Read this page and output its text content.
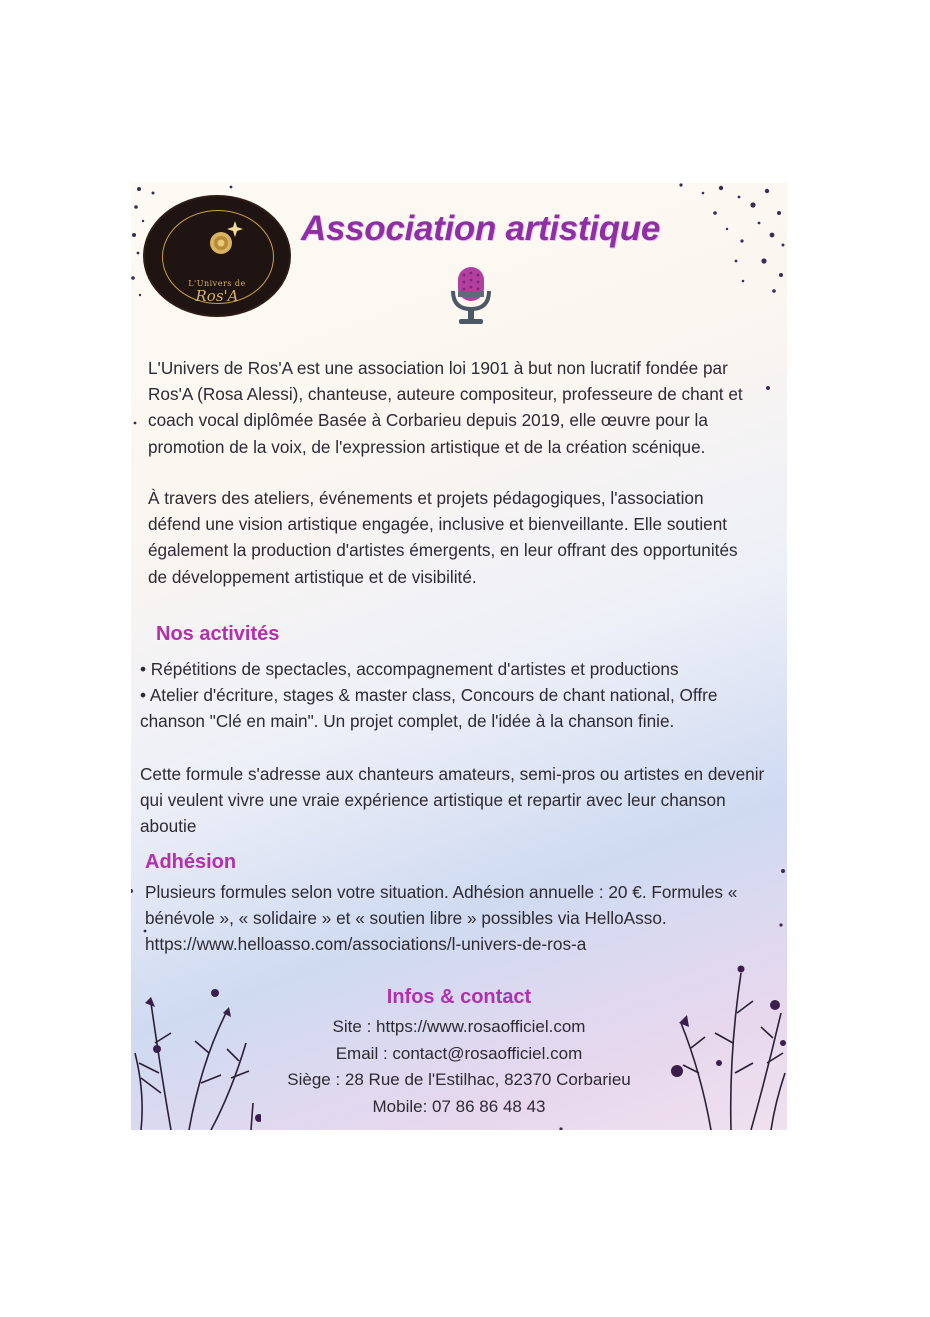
L'Univers de
Ros'A
Association artistique
L'Univers de Ros'A est une association loi 1901 à but non lucratif fondée par Ros'A (Rosa Alessi), chanteuse, auteure compositeur, professeure de chant et coach vocal diplômée Basée à Corbarieu depuis 2019, elle œuvre pour la promotion de la voix, de l'expression artistique et de la création scénique.
À travers des ateliers, événements et projets pédagogiques, l'association défend une vision artistique engagée, inclusive et bienveillante. Elle soutient également la production d'artistes émergents, en leur offrant des opportunités de développement artistique et de visibilité.
Nos activités
• Répétitions de spectacles, accompagnement d'artistes et productions
• Atelier d'écriture, stages & master class, Concours de chant national, Offre chanson "Clé en main". Un projet complet, de l'idée à la chanson finie.
Cette formule s'adresse aux chanteurs amateurs, semi-pros ou artistes en devenir qui veulent vivre une vraie expérience artistique et repartir avec leur chanson aboutie
Adhésion
Plusieurs formules selon votre situation. Adhésion annuelle : 20 €. Formules « bénévole », « solidaire » et « soutien libre » possibles via HelloAsso. https://www.helloasso.com/associations/l-univers-de-ros-a
Infos & contact
Site : https://www.rosaofficiel.com
Email : contact@rosaofficiel.com
Siège : 28 Rue de l'Estilhac, 82370 Corbarieu
Mobile: 07 86 86 48 43
